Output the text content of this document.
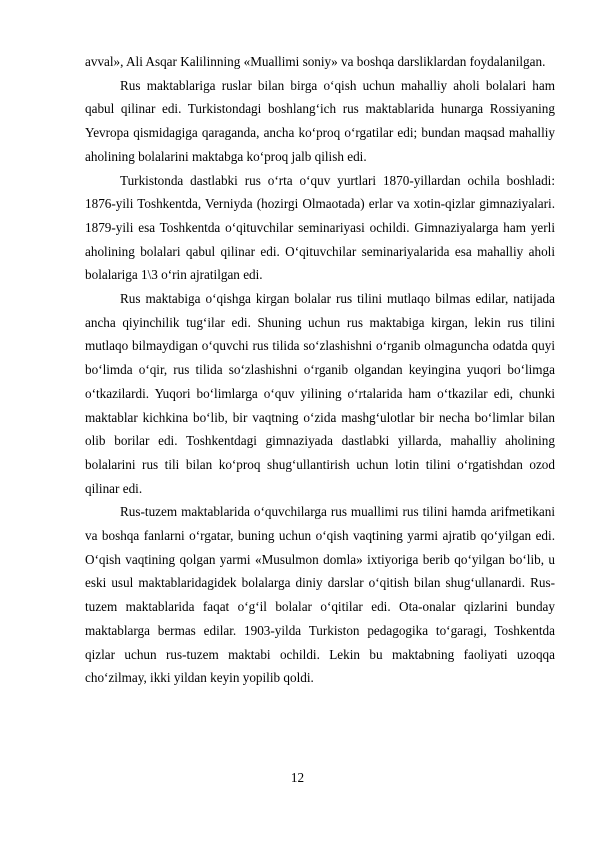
avval», Ali Asqar Kalilinning «Muallimi soniy» va boshqa darsliklardan foydalanilgan.

Rus maktablariga ruslar bilan birga o‘qish uchun mahalliy aholi bolalari ham qabul qilinar edi. Turkistondagi boshlang‘ich rus maktablarida hunarga Rossiyaning Yevropa qismidagiga qaraganda, ancha ko‘proq o‘rgatilar edi; bundan maqsad mahalliy aholining bolalarini maktabga ko‘proq jalb qilish edi.

Turkistonda dastlabki rus o‘rta o‘quv yurtlari 1870-yillardan ochila boshladi: 1876-yili Toshkentda, Verniyda (hozirgi Olmaotada) erlar va xotin-qizlar gimnaziyalari. 1879-yili esa Toshkentda o‘qituvchilar seminariyasi ochildi. Gimnaziyalarga ham yerli aholining bolalari qabul qilinar edi. O‘qituvchilar seminariyalarida esa mahalliy aholi bolalariga 1\3 o‘rin ajratilgan edi.

Rus maktabiga o‘qishga kirgan bolalar rus tilini mutlaqo bilmas edilar, natijada ancha qiyinchilik tug‘ilar edi. Shuning uchun rus maktabiga kirgan, lekin rus tilini mutlaqo bilmaydigan o‘quvchi rus tilida so‘zlashishni o‘rganib olmaguncha odatda quyi bo‘limda o‘qir, rus tilida so‘zlashishni o‘rganib olgandan keyingina yuqori bo‘limga o‘tkazilardi. Yuqori bo‘limlarga o‘quv yilining o‘rtalarida ham o‘tkazilar edi, chunki maktablar kichkina bo‘lib, bir vaqtning o‘zida mashg‘ulotlar bir necha bo‘limlar bilan olib borilar edi. Toshkentdagi gimnaziyada dastlabki yillarda, mahalliy aholining bolalarini rus tili bilan ko‘proq shug‘ullantirish uchun lotin tilini o‘rgatishdan ozod qilinar edi.

Rus-tuzem maktablarida o‘quvchilarga rus muallimi rus tilini hamda arifmetikani va boshqa fanlarni o‘rgatar, buning uchun o‘qish vaqtining yarmi ajratib qo‘yilgan edi. O‘qish vaqtining qolgan yarmi «Musulmon domla» ixtiyoriga berib qo‘yilgan bo‘lib, u eski usul maktablaridagidek bolalarga diniy darslar o‘qitish bilan shug‘ullanardi. Rus-tuzem maktablarida faqat o‘g‘il bolalar o‘qitilar edi. Ota-onalar qizlarini bunday maktablarga bermas edilar. 1903-yilda Turkiston pedagogika to‘garagi, Toshkentda qizlar uchun rus-tuzem maktabi ochildi. Lekin bu maktabning faoliyati uzoqqa cho‘zilmay, ikki yildan keyin yopilib qoldi.

12
